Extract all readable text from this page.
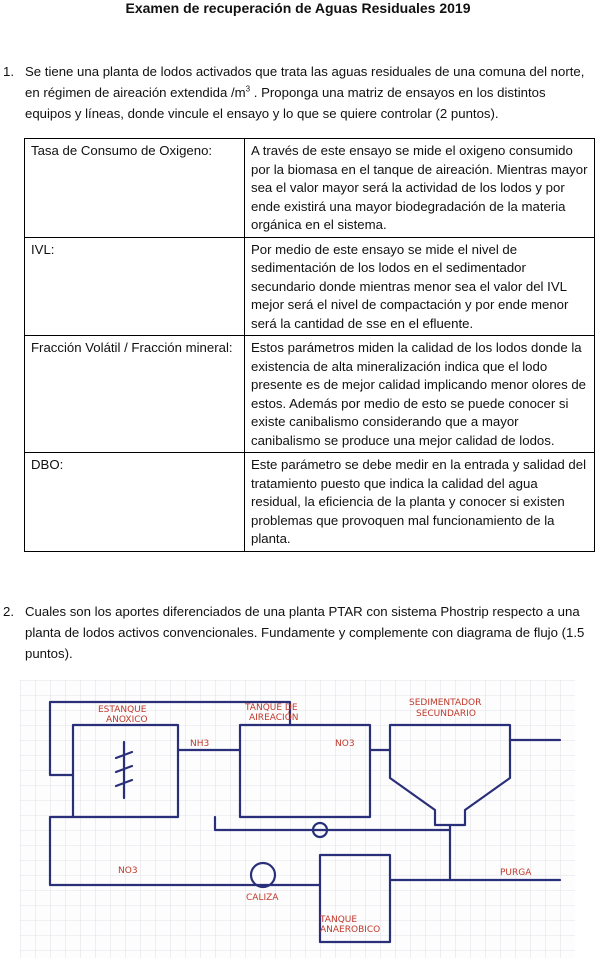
Examen de recuperación de Aguas Residuales 2019
1. Se tiene una planta de lodos activados que trata las aguas residuales de una comuna del norte, en régimen de aireación extendida $/m^3$ . Proponga una matriz de ensayos en los distintos equipos y líneas, donde vincule el ensayo y lo que se quiere controlar (2 puntos).
Tasa de Consumo de Oxigeno:	A través de este ensayo se mide el oxigeno consumido por la biomasa en el tanque de aireación. Mientras mayor sea el valor mayor será la actividad de los lodos y por ende existirá una mayor biodegradación de la materia orgánica en el sistema.
IVL:	Por medio de este ensayo se mide el nivel de sedimentación de los lodos en el sedimentador secundario donde mientras menor sea el valor del IVL mejor será el nivel de compactación y por ende menor será la cantidad de sse en el efluente.
Fracción Volátil / Fracción mineral:	Estos parámetros miden la calidad de los lodos donde la existencia de alta mineralización indica que el lodo presente es de mejor calidad implicando menor olores de estos. Además por medio de esto se puede conocer si existe canibalismo considerando que a mayor canibalismo se produce una mejor calidad de lodos.
DBO:	Este parámetro se debe medir en la entrada y salidad del tratamiento puesto que indica la calidad del agua residual, la eficiencia de la planta y conocer si existen problemas que provoquen mal funcionamiento de la planta.
2. Cuales son los aportes diferenciados de una planta PTAR con sistema Phostrip respecto a una planta de lodos activos convencionales. Fundamente y complemente con diagrama de flujo (1.5 puntos).
ESTANQUE
ANOXICO
TANQUE DE
AIREACIÓN
SEDIMENTADOR
SECUNDARIO
NH3	NO3
NO3
CALIZA
PURGA
TANQUE
ANAEROBICO
